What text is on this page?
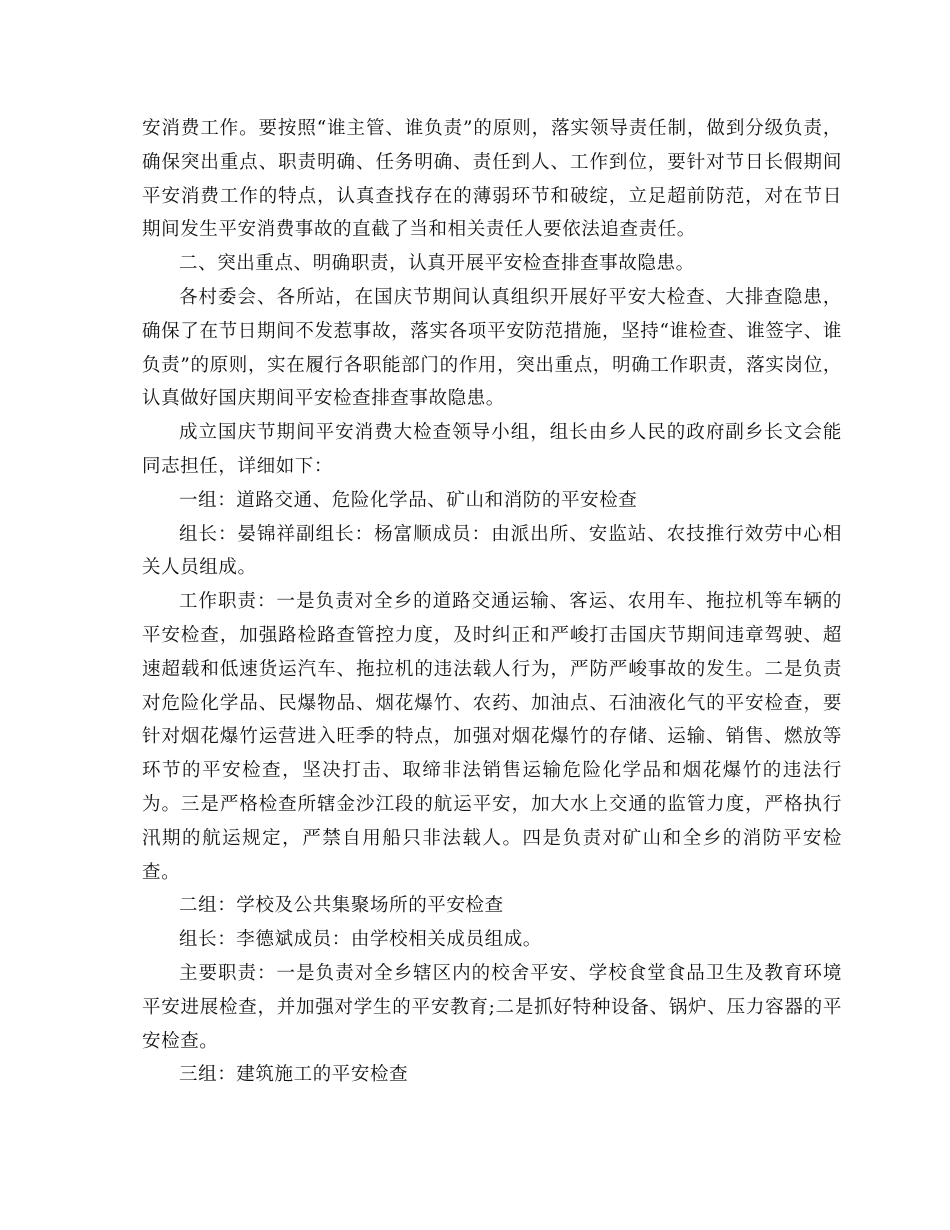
安消费工作。要按照“谁主管、谁负责”的原则，落实领导责任制，做到分级负责，确保突出重点、职责明确、任务明确、责任到人、工作到位，要针对节日长假期间平安消费工作的特点，认真查找存在的薄弱环节和破绽，立足超前防范，对在节日期间发生平安消费事故的直截了当和相关责任人要依法追查责任。

二、突出重点、明确职责，认真开展平安检查排查事故隐患。

各村委会、各所站，在国庆节期间认真组织开展好平安大检查、大排查隐患，确保了在节日期间不发惹事故，落实各项平安防范措施，坚持“谁检查、谁签字、谁负责”的原则，实在履行各职能部门的作用，突出重点，明确工作职责，落实岗位，认真做好国庆期间平安检查排查事故隐患。

成立国庆节期间平安消费大检查领导小组，组长由乡人民的政府副乡长文会能同志担任，详细如下：

一组：道路交通、危险化学品、矿山和消防的平安检查

组长：晏锦祥副组长：杨富顺成员：由派出所、安监站、农技推行效劳中心相关人员组成。

工作职责：一是负责对全乡的道路交通运输、客运、农用车、拖拉机等车辆的平安检查，加强路检路查管控力度，及时纠正和严峻打击国庆节期间违章驾驶、超速超载和低速货运汽车、拖拉机的违法载人行为，严防严峻事故的发生。二是负责对危险化学品、民爆物品、烟花爆竹、农药、加油点、石油液化气的平安检查，要针对烟花爆竹运营进入旺季的特点，加强对烟花爆竹的存储、运输、销售、燃放等环节的平安检查，坚决打击、取缔非法销售运输危险化学品和烟花爆竹的违法行为。三是严格检查所辖金沙江段的航运平安，加大水上交通的监管力度，严格执行汛期的航运规定，严禁自用船只非法载人。四是负责对矿山和全乡的消防平安检查。

二组：学校及公共集聚场所的平安检查

组长：李德斌成员：由学校相关成员组成。

主要职责：一是负责对全乡辖区内的校舍平安、学校食堂食品卫生及教育环境平安进展检查，并加强对学生的平安教育;二是抓好特种设备、锅炉、压力容器的平安检查。

三组：建筑施工的平安检查
